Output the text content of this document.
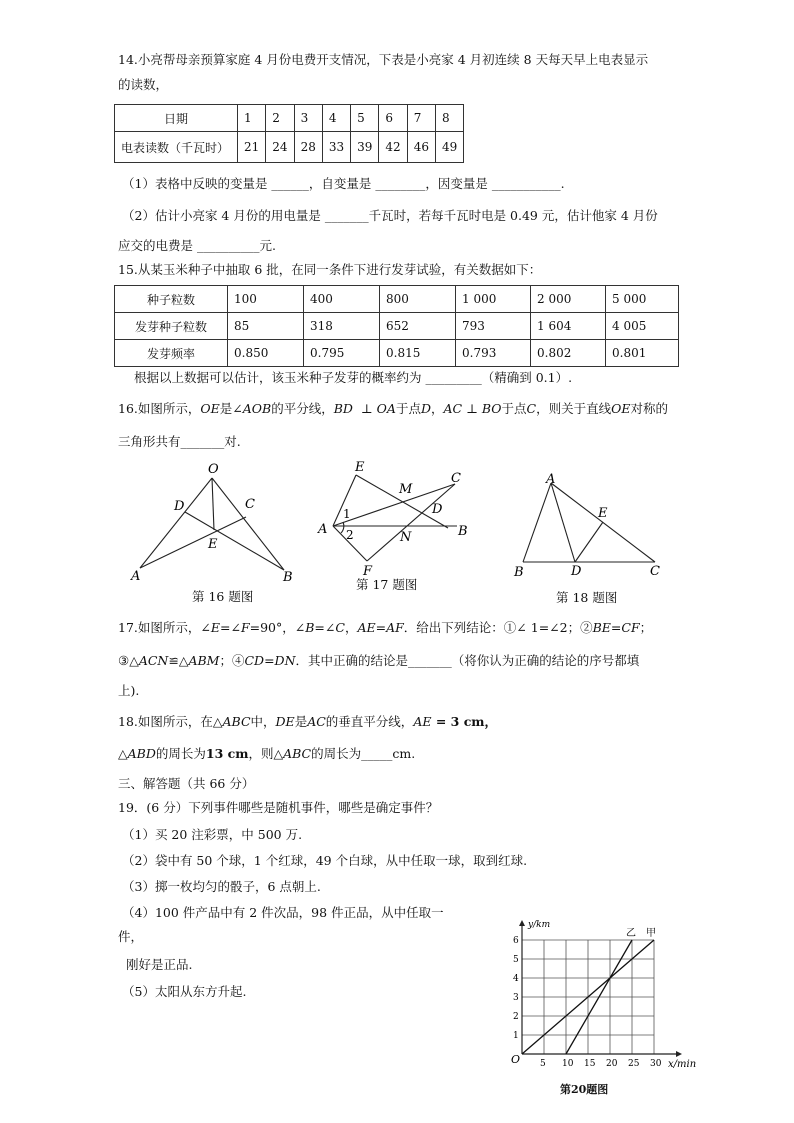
14.小亮帮母亲预算家庭 4 月份电费开支情况，下表是小亮家 4 月初连续 8 天每天早上电表显示
的读数，
日期	1	2	3	4	5	6	7	8
电表读数（千瓦时）	21	24	28	33	39	42	46	49
（1）表格中反映的变量是 ______，自变量是 ________，因变量是 ___________.
（2）估计小亮家 4 月份的用电量是 _______千瓦时，若每千瓦时电是 0.49 元，估计他家 4 月份
应交的电费是 __________元.
15.从某玉米种子中抽取 6 批，在同一条件下进行发芽试验，有关数据如下：
种子粒数	100	400	800	1 000	2 000	5 000
发芽种子粒数	85	318	652	793	1 604	4 005
发芽频率	0.850	0.795	0.815	0.793	0.802	0.801
根据以上数据可以估计，该玉米种子发芽的概率约为 _________（精确到 0.1）.
16.如图所示，OE是∠AOB的平分线，BD ⊥ OA于点D，AC ⊥ BO于点C，则关于直线OE对称的
三角形共有_______对.
O
D	C
E
A	B
第 16 题图
E
M
C
D
A
1
2	N	B
F
第 17 题图
A
E
B	D	C
第 18 题图
17.如图所示，∠E=∠F=90°，∠B=∠C，AE=AF．给出下列结论：①∠ 1=∠2；②BE=CF；
③△ACN≌△ABM；④CD=DN．其中正确的结论是_______（将你认为正确的结论的序号都填
上).
18.如图所示，在△ABC中，DE是AC的垂直平分线，AE = 3 cm，
△ABD的周长为13 cm，则△ABC的周长为_____cm.
三、解答题（共 66 分）
19．(6 分）下列事件哪些是随机事件，哪些是确定事件？
（1）买 20 注彩票，中 500 万.
（2）袋中有 50 个球，1 个红球，49 个白球，从中任取一球，取到红球.
（3）掷一枚均匀的骰子，6 点朝上.
（4）100 件产品中有 2 件次品，98 件正品，从中任取一
件，
刚好是正品.
（5）太阳从东方升起.
5 10 15 20 25 30
1
2
3
4
5
6
y/km
x/min
O
乙 甲
第20题图
